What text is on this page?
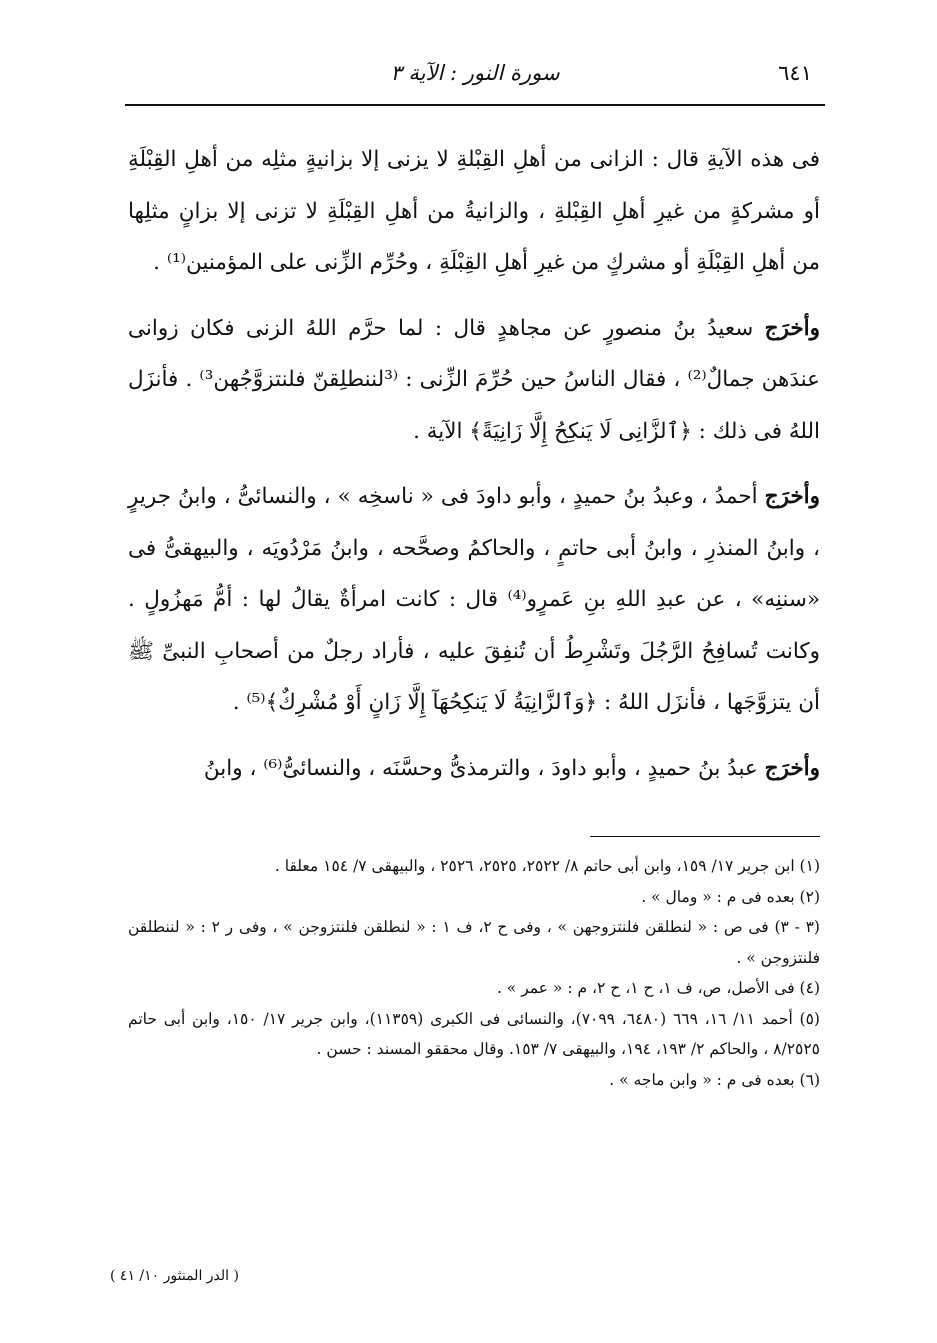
٦٤١
سورة النور : الآية ٣

فى هذه الآيةِ قال : الزانى من أهلِ القِبْلةِ لا يزنى إلا بزانيةٍ مثلِه من أهلِ القِبْلَةِ أو مشركةٍ من غيرِ أهلِ القِبْلةِ ، والزانيةُ من أهلِ القِبْلَةِ لا تزنى إلا بزانٍ مثلِها من أهلِ القِبْلَةِ أو مشركٍ من غيرِ أهلِ القِبْلَةِ ، وحُرِّم الزِّنى على المؤمنين⁽¹⁾ .

وأخرَج سعيدُ بنُ منصورٍ عن مجاهدٍ قال : لما حرَّم اللهُ الزنى فكان زوانى عندَهن جمالٌ⁽²⁾ ، فقال الناسُ حين حُرِّمَ الزِّنى : ⁽³لننطلِقنّ فلنتزوَّجُهن³⁾ . فأنزَل اللهُ فى ذلك : ﴿ٱلزَّانِى لَا يَنكِحُ إِلَّا زَانِيَةً﴾ الآية .

وأخرَج أحمدُ ، وعبدُ بنُ حميدٍ ، وأبو داودَ فى « ناسخِه » ، والنسائىُّ ، وابنُ جريرٍ ، وابنُ المنذرِ ، وابنُ أبى حاتمٍ ، والحاكمُ وصحَّحه ، وابنُ مَرْدُويَه ، والبيهقىُّ فى «سننِه» ، عن عبدِ اللهِ بنِ عَمرٍو⁽⁴⁾ قال : كانت امرأةٌ يقالُ لها : أمُّ مَهزُولٍ . وكانت تُسافِحُ الرَّجُلَ وتَشْرِطُ أن تُنفِقَ عليه ، فأراد رجلٌ من أصحابِ النبىِّ ﷺ أن يتزوَّجَها ، فأنزَل اللهُ : ﴿وَٱلزَّانِيَةُ لَا يَنكِحُهَآ إِلَّا زَانٍ أَوْ مُشْرِكٌ﴾⁽⁵⁾ .

وأخرَج عبدُ بنُ حميدٍ ، وأبو داودَ ، والترمذىُّ وحسَّنَه ، والنسائىُّ⁽⁶⁾ ، وابنُ

(١) ابن جرير ١٧/ ١٥٩، وابن أبى حاتم ٨/ ٢٥٢٢، ٢٥٢٥، ٢٥٢٦ ، والبيهقى ٧/ ١٥٤ معلقا .

(٢) بعده فى م : « ومال » .

(٣ - ٣) فى ص : « لنطلقن فلنتزوجهن » ، وفى ح ٢، ف ١ : « لنطلقن فلنتزوجن » ، وفى ر ٢ : « لننطلقن فلنتزوجن » .

(٤) فى الأصل، ص، ف ١، ح ١، ح ٢، م : « عمر » .

(٥) أحمد ١١/ ١٦، ٦٦٩ (٦٤٨٠، ٧٠٩٩)، والنسائى فى الكبرى (١١٣٥٩)، وابن جرير ١٧/ ١٥٠، وابن أبى حاتم ٨/٢٥٢٥ ، والحاكم ٢/ ١٩٣، ١٩٤، والبيهقى ٧/ ١٥٣. وقال محققو المسند : حسن .

(٦) بعده فى م : « وابن ماجه » .

( الدر المنثور ١٠/ ٤١ )
